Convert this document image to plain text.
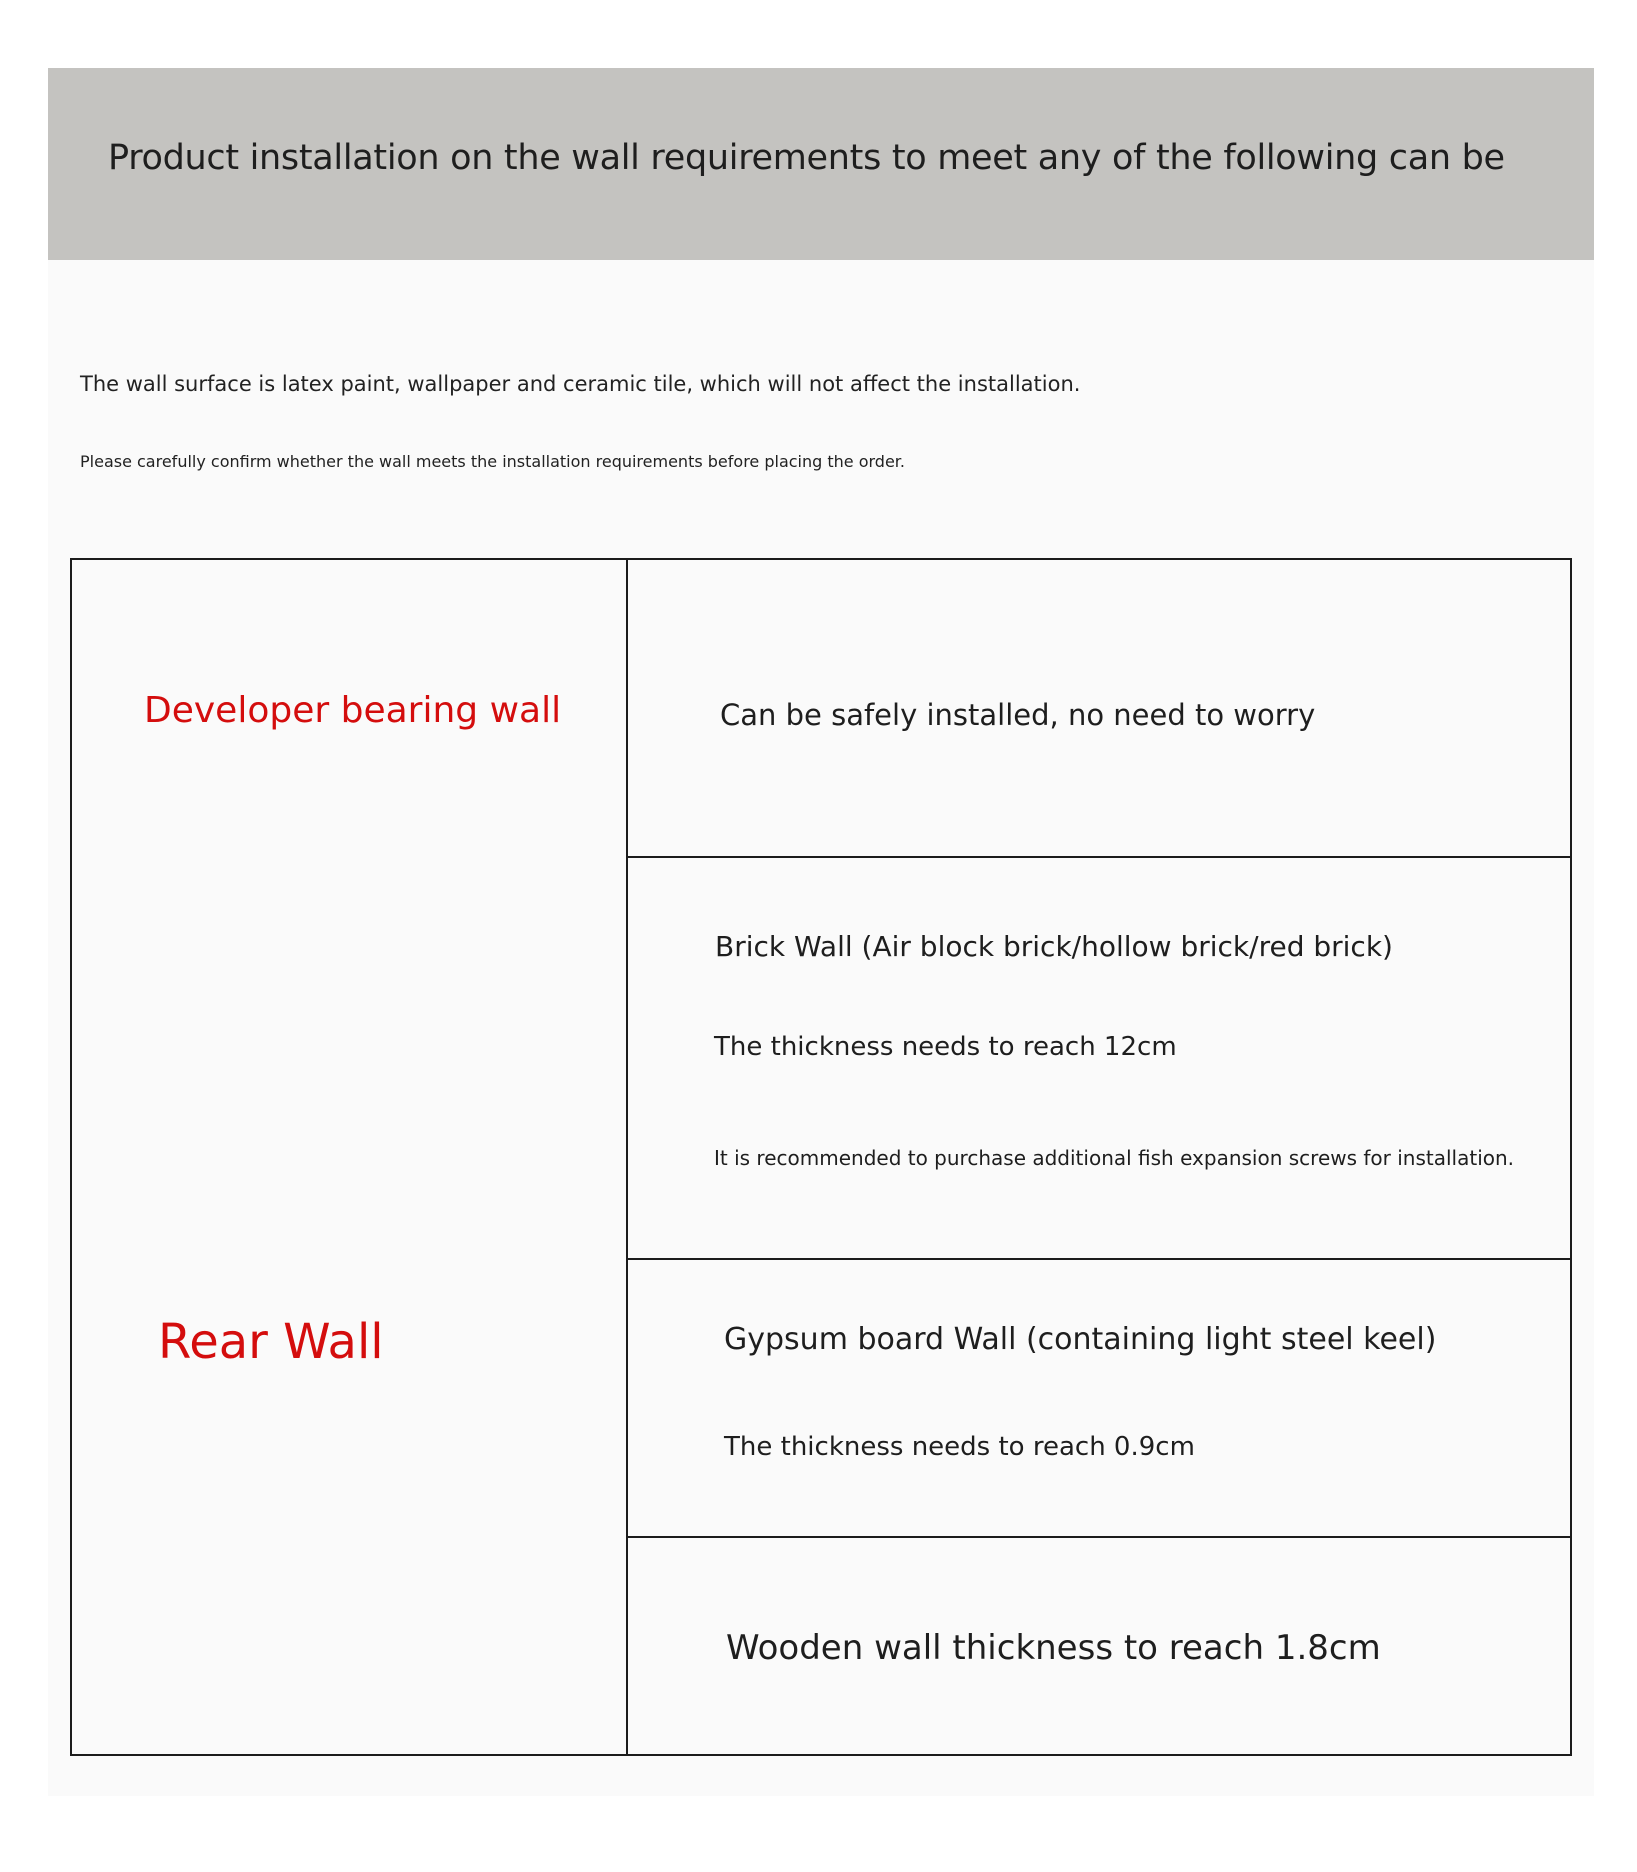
Product installation on the wall requirements to meet any of the following can be
The wall surface is latex paint, wallpaper and ceramic tile, which will not affect the installation.
Please carefully confirm whether the wall meets the installation requirements before placing the order.
Developer bearing wall
Rear Wall
Can be safely installed, no need to worry
Brick Wall (Air block brick/hollow brick/red brick)
The thickness needs to reach 12cm
It is recommended to purchase additional fish expansion screws for installation.
Gypsum board Wall (containing light steel keel)
The thickness needs to reach 0.9cm
Wooden wall thickness to reach 1.8cm
